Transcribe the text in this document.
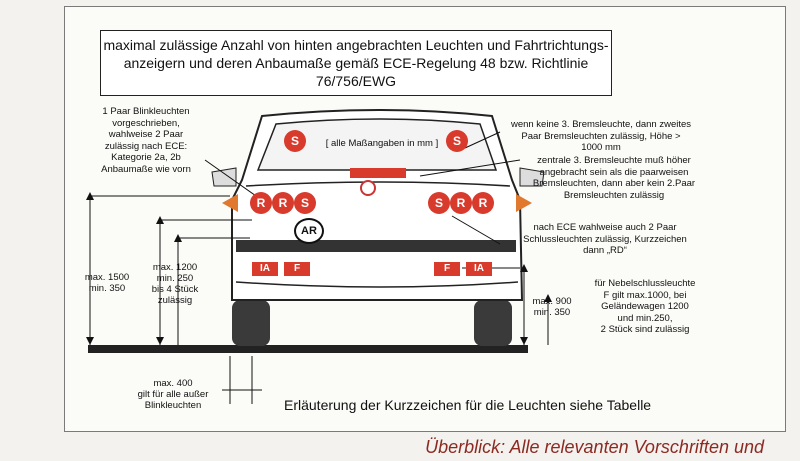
maximal zulässige Anzahl von hinten angebrachten Leuchten und Fahrtrichtungs-
anzeigern und deren Anbaumaße gemäß ECE-Regelung 48 bzw. Richtlinie
76/756/EWG
1 Paar Blinkleuchten
vorgeschrieben,
wahlweise 2 Paar
zulässig nach ECE:
Kategorie 2a, 2b
Anbaumaße wie vorn
[ alle Maßangaben in mm ]
wenn keine 3. Bremsleuchte, dann zweites
Paar Bremsleuchten zulässig, Höhe >
1000 mm
zentrale 3. Bremsleuchte muß höher
angebracht sein als die paarweisen
Bremsleuchten, dann aber kein 2.Paar
Bremsleuchten zulässig
nach ECE wahlweise auch 2 Paar
Schlussleuchten zulässig, Kurzzeichen
dann „RD“
für Nebelschlussleuchte
F gilt max.1000, bei
Geländewagen 1200
und min.250,
2 Stück sind zulässig
S	S
R	R	S	S	R	R
AR
IA	F	F	IA
max. 1500
min. 350
max. 1200
min. 250
bis 4 Stück
zulässig	max. 900
min. 350
max. 400
gilt für alle außer
Blinkleuchten	Erläuterung der Kurzzeichen für die Leuchten siehe Tabelle
Überblick: Alle relevanten Vorschriften und
